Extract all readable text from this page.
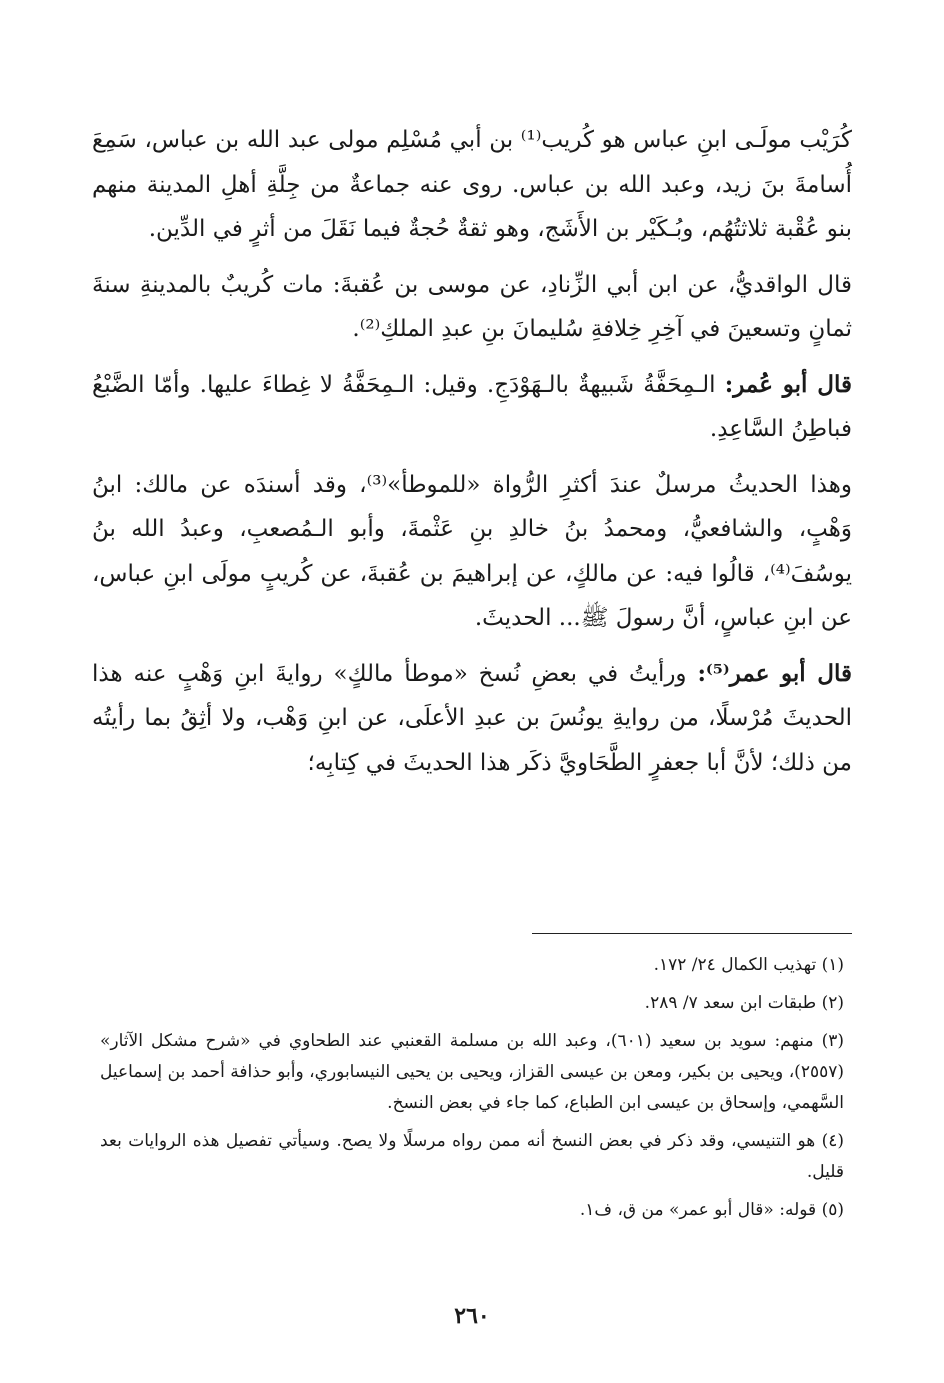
كُرَيْب مولَـى ابنِ عباس هو كُريب⁽¹⁾ بن أبي مُسْلِم مولى عبد الله بن عباس، سَمِعَ أُسامةَ بنَ زيد، وعبد الله بن عباس. روى عنه جماعةٌ من جِلَّةِ أهلِ المدينة منهم بنو عُقْبة ثلاثتُهُم، وبُـكَيْر بن الأَشَج، وهو ثقةٌ حُجةٌ فيما نَقَلَ من أثرٍ في الدِّين.

قال الواقديُّ، عن ابن أبي الزِّنادِ، عن موسى بن عُقبةَ: مات كُريبٌ بالمدينةِ سنةَ ثمانٍ وتسعينَ في آخِرِ خِلافةِ سُليمانَ بنِ عبدِ الملكِ⁽²⁾.

قال أبو عُمر: الـمِحَفَّةُ شَبيهةٌ بالـهَوْدَجِ. وقيل: الـمِحَفَّةُ لا غِطاءَ عليها. وأمّا الضَّبْعُ فباطِنُ السَّاعِدِ.

وهذا الحديثُ مرسلٌ عندَ أكثرِ الرُّواة «للموطأ»⁽³⁾، وقد أسندَه عن مالك: ابنُ وَهْبٍ، والشافعيُّ، ومحمدُ بنُ خالدِ بنِ عَثْمةَ، وأبو الـمُصعبِ، وعبدُ الله بنُ يوسُفَ⁽⁴⁾، قالُوا فيه: عن مالكٍ، عن إبراهيمَ بن عُقبةَ، عن كُريبٍ مولَى ابنِ عباس، عن ابنِ عباسٍ، أنَّ رسولَ ﷺ... الحديثَ.

قال أبو عمر⁽⁵⁾: ورأيتُ في بعضِ نُسخ «موطأ مالكٍ» روايةَ ابنِ وَهْبٍ عنه هذا الحديثَ مُرْسلًا، من روايةِ يونُسَ بن عبدِ الأعلَى، عن ابنِ وَهْب، ولا أثِقُ بما رأيتُه من ذلك؛ لأنَّ أبا جعفرٍ الطَّحَاويَّ ذكَر هذا الحديثَ في كِتابِه؛

(١) تهذيب الكمال ٢٤/ ١٧٢.

(٢) طبقات ابن سعد ٧/ ٢٨٩.

(٣) منهم: سويد بن سعيد (٦٠١)، وعبد الله بن مسلمة القعنبي عند الطحاوي في «شرح مشكل الآثار» (٢٥٥٧)، ويحيى بن بكير، ومعن بن عيسى القزاز، ويحيى بن يحيى النيسابوري، وأبو حذافة أحمد بن إسماعيل السَّهمي، وإسحاق بن عيسى ابن الطباع، كما جاء في بعض النسخ.

(٤) هو التنيسي، وقد ذكر في بعض النسخ أنه ممن رواه مرسلًا ولا يصح. وسيأتي تفصيل هذه الروايات بعد قليل.

(٥) قوله: «قال أبو عمر» من ق، ف١.

٢٦٠
